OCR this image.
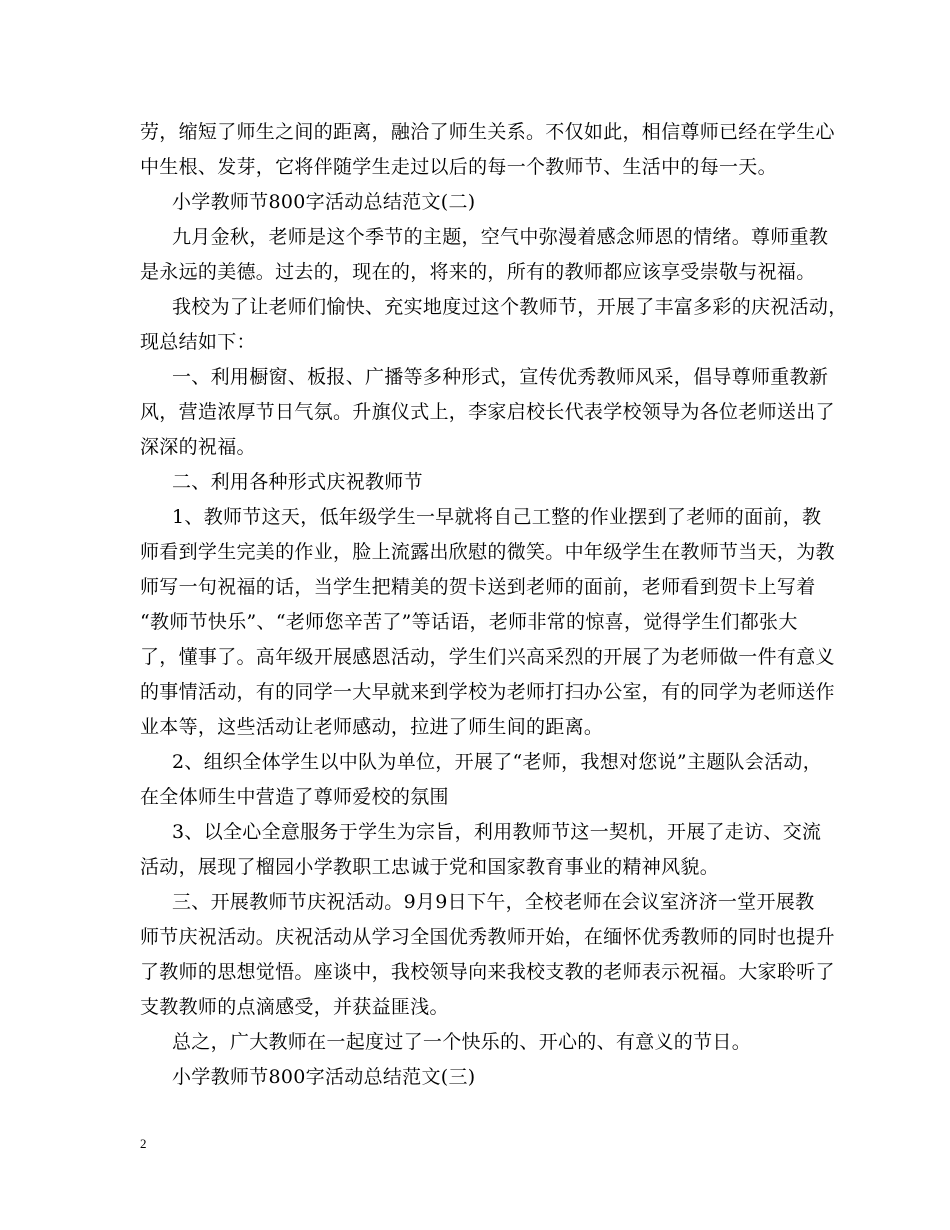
劳，缩短了师生之间的距离，融洽了师生关系。不仅如此，相信尊师已经在学生心
中生根、发芽，它将伴随学生走过以后的每一个教师节、生活中的每一天。
小学教师节800字活动总结范文(二)
九月金秋，老师是这个季节的主题，空气中弥漫着感念师恩的情绪。尊师重教
是永远的美德。过去的，现在的，将来的，所有的教师都应该享受崇敬与祝福。
我校为了让老师们愉快、充实地度过这个教师节，开展了丰富多彩的庆祝活动，
现总结如下：
一、利用橱窗、板报、广播等多种形式，宣传优秀教师风采，倡导尊师重教新
风，营造浓厚节日气氛。升旗仪式上，李家启校长代表学校领导为各位老师送出了
深深的祝福。
二、利用各种形式庆祝教师节
1、教师节这天，低年级学生一早就将自己工整的作业摆到了老师的面前，教
师看到学生完美的作业，脸上流露出欣慰的微笑。中年级学生在教师节当天，为教
师写一句祝福的话，当学生把精美的贺卡送到老师的面前，老师看到贺卡上写着
“教师节快乐”、“老师您辛苦了”等话语，老师非常的惊喜，觉得学生们都张大
了，懂事了。高年级开展感恩活动，学生们兴高采烈的开展了为老师做一件有意义
的事情活动，有的同学一大早就来到学校为老师打扫办公室，有的同学为老师送作
业本等，这些活动让老师感动，拉进了师生间的距离。
2、组织全体学生以中队为单位，开展了“老师，我想对您说”主题队会活动，
在全体师生中营造了尊师爱校的氛围
3、以全心全意服务于学生为宗旨，利用教师节这一契机，开展了走访、交流
活动，展现了榴园小学教职工忠诚于党和国家教育事业的精神风貌。
三、开展教师节庆祝活动。9月9日下午，全校老师在会议室济济一堂开展教
师节庆祝活动。庆祝活动从学习全国优秀教师开始，在缅怀优秀教师的同时也提升
了教师的思想觉悟。座谈中，我校领导向来我校支教的老师表示祝福。大家聆听了
支教教师的点滴感受，并获益匪浅。
总之，广大教师在一起度过了一个快乐的、开心的、有意义的节日。
小学教师节800字活动总结范文(三)
2
